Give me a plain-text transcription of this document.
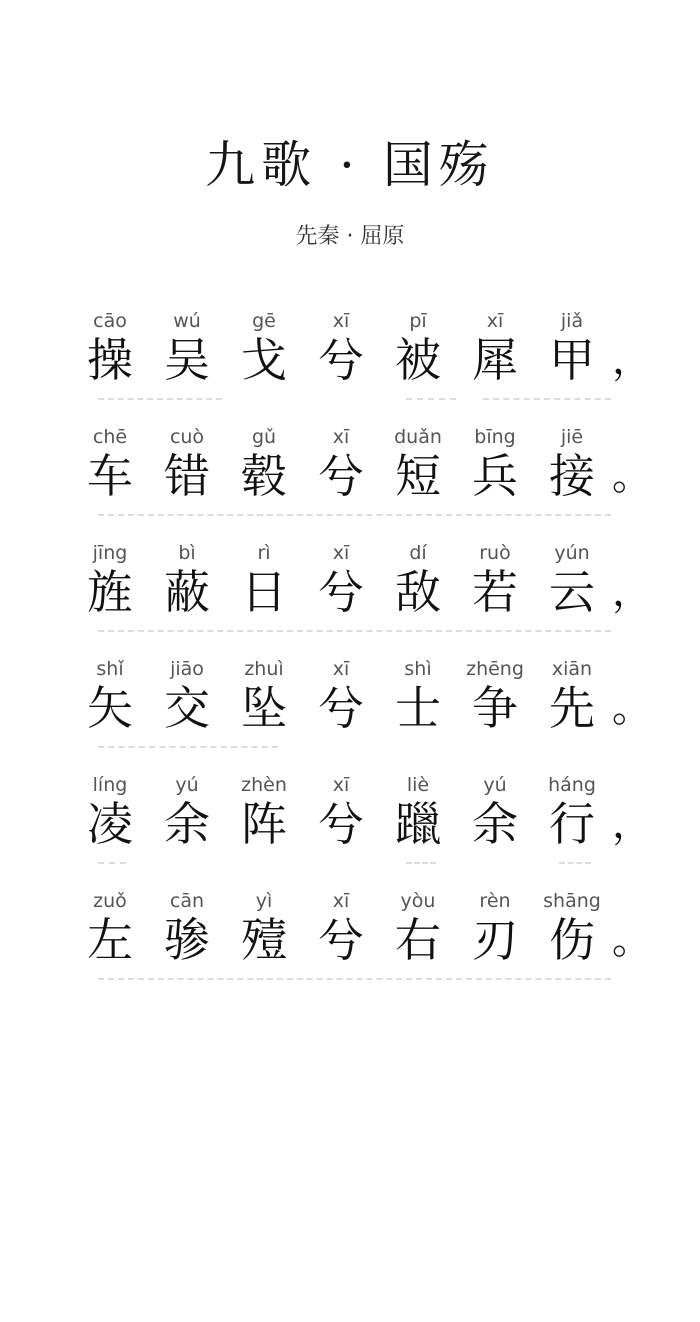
九歌 · 国殇
先秦 · 屈原
cāo
操
wú
吴
gē
戈
xī
兮
pī
被
xī
犀
jiǎ
甲 ，
chē
车
cuò
错
gǔ
毂
xī
兮
duǎn
短
bīng
兵
jiē
接 。
jīng
旌
bì
蔽
rì
日
xī
兮
dí
敌
ruò
若
yún
云 ，
shǐ
矢
jiāo
交
zhuì
坠
xī
兮
shì
士
zhēng
争
xiān
先 。
líng
凌
yú
余
zhèn
阵
xī
兮
liè
躐
yú
余
háng
行 ，
zuǒ
左
cān
骖
yì
殪
xī
兮
yòu
右
rèn
刃
shāng
伤 。
